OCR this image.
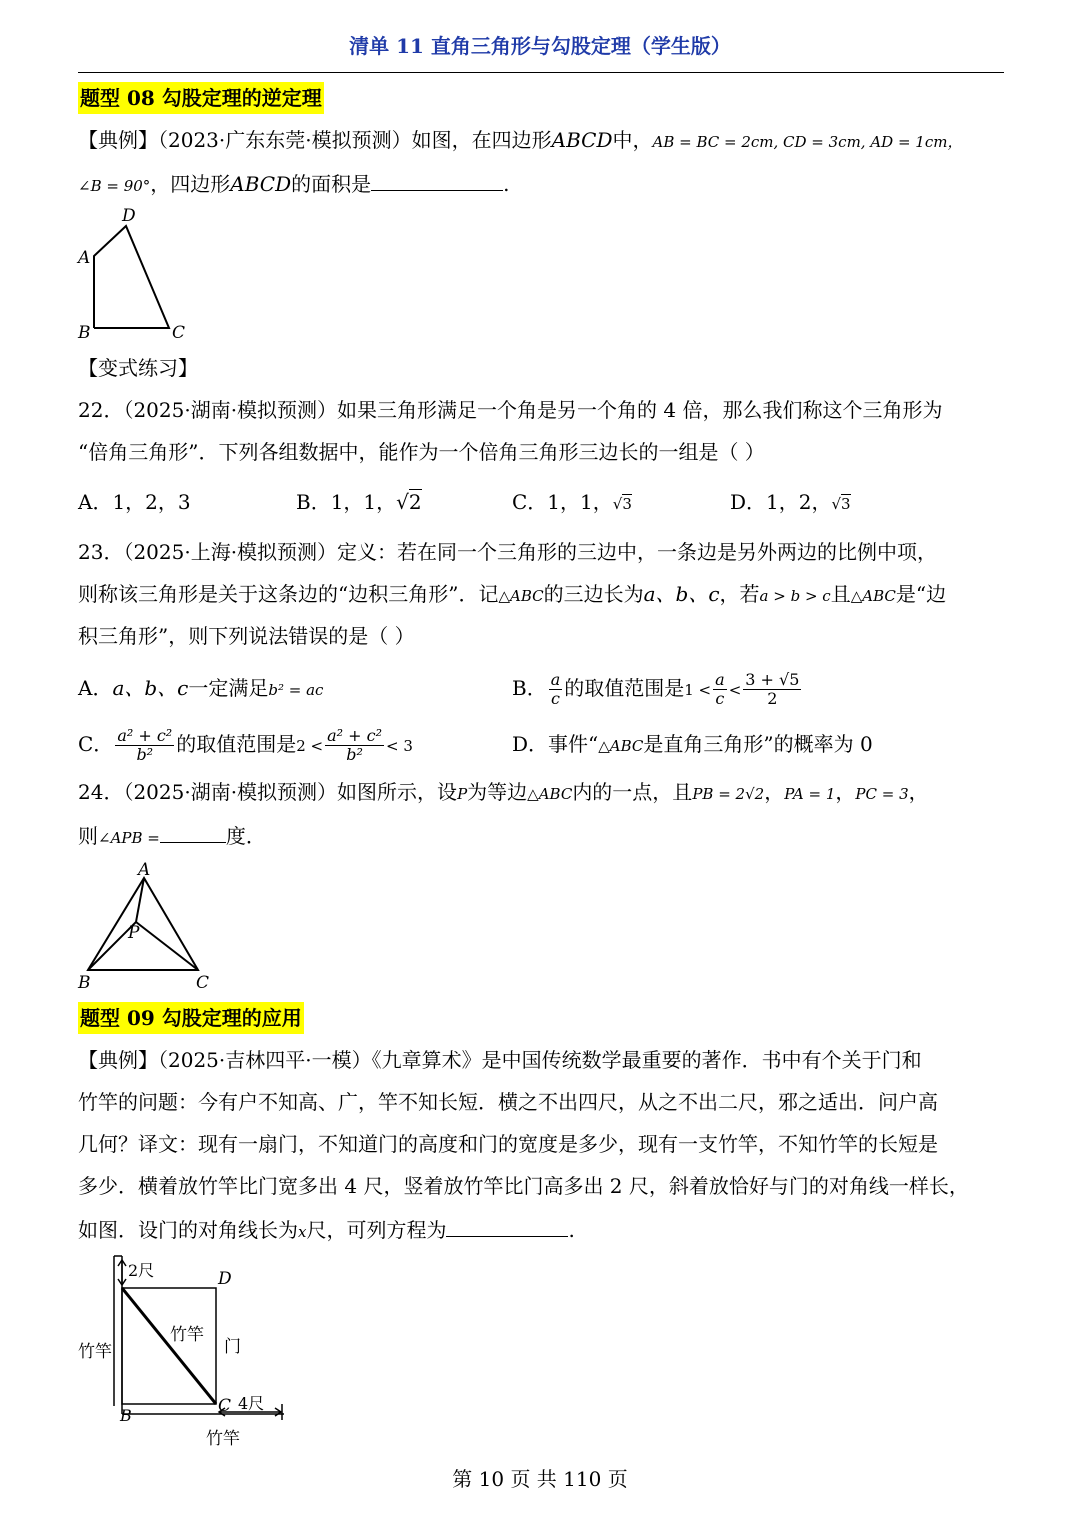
清单 11 直角三角形与勾股定理（学生版）
题型 08 勾股定理的逆定理
【典例】（2023·广东东莞·模拟预测）如图，在四边形ABCD中，AB = BC = 2cm, CD = 3cm, AD = 1cm，
∠B = 90°，四边形ABCD的面积是	.
D
A
B	C
【变式练习】
22．（2025·湖南·模拟预测）如果三角形满足一个角是另一个角的 4 倍，那么我们称这个三角形为
“倍角三角形”．下列各组数据中，能作为一个倍角三角形三边长的一组是（ ）
A．1，2，3	B．1，1，√2	C．1，1，√3	D．1，2，√3
23．（2025·上海·模拟预测）定义：若在同一个三角形的三边中，一条边是另外两边的比例中项，
则称该三角形是关于这条边的“边积三角形”．记△ABC的三边长为a、b、c，若a > b > c且△ABC是“边
积三角形”，则下列说法错误的是（ ）
A．a、b、c一定满足b² = ac	B． $\frac{a}{c}$ 的取值范围是$1 < \frac{a}{c} < \frac{3 + √5}{2}$
C． $\frac{\text{a² + c²}}{\text{b²}}$ 的取值范围是$2 < \frac{\text{a² + c²}}{\text{b²}} < 3$	D．事件“△ABC是直角三角形”的概率为 0
24．（2025·湖南·模拟预测）如图所示，设P为等边△ABC内的一点，且PB = 2√2，PA = 1，PC = 3，
则∠APB =	度．
A
P
B	C
题型 09 勾股定理的应用
【典例】（2025·吉林四平·一模）《九章算术》是中国传统数学最重要的著作．书中有个关于门和
竹竿的问题：今有户不知高、广，竿不知长短．横之不出四尺，从之不出二尺，邪之适出．问户高
几何？译文：现有一扇门，不知道门的高度和门的宽度是多少，现有一支竹竿，不知竹竿的长短是
多少．横着放竹竿比门宽多出 4 尺，竖着放竹竿比门高多出 2 尺，斜着放恰好与门的对角线一样长，
如图．设门的对角线长为x尺，可列方程为	.
2尺	D
竹竿
竹竿
门
C 4尺
B
竹竿
第 10 页 共 110 页
